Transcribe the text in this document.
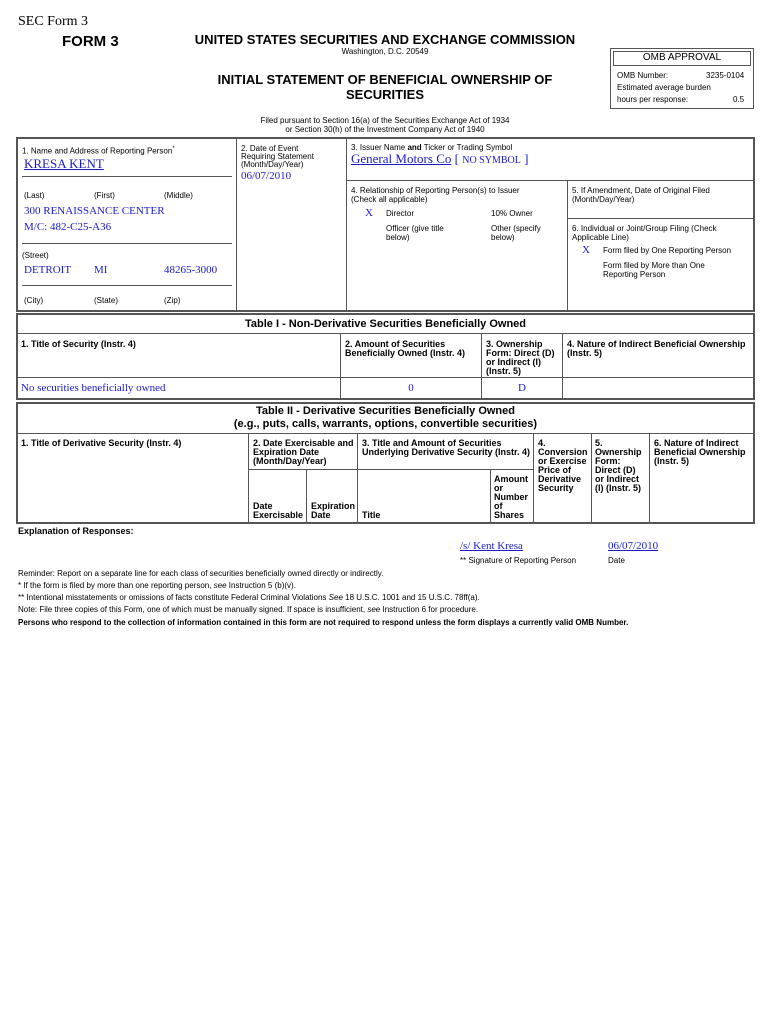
SEC Form 3
FORM 3	UNITED STATES SECURITIES AND EXCHANGE COMMISSION
Washington, D.C. 20549
INITIAL STATEMENT OF BENEFICIAL OWNERSHIP OF
SECURITIES
Filed pursuant to Section 16(a) of the Securities Exchange Act of 1934
or Section 30(h) of the Investment Company Act of 1940
OMB APPROVAL
OMB Number:	3235-0104
Estimated average burden
hours per response:	0.5
1. Name and Address of Reporting Person*
KRESA KENT
(Last)	(First)	(Middle)
300 RENAISSANCE CENTER
M/C: 482-C25-A36
(Street)
DETROIT MI	48265-3000
(City)	(State)	(Zip)
2. Date of Event
Requiring Statement
(Month/Day/Year)
06/07/2010
3. Issuer Name and Ticker or Trading Symbol
General Motors Co [ NO SYMBOL ]
4. Relationship of Reporting Person(s) to Issuer
(Check all applicable)
X Director	10% Owner
Officer (give title
below)
Other (specify
below)
5. If Amendment, Date of Original Filed
(Month/Day/Year)
6. Individual or Joint/Group Filing (Check
Applicable Line)
X Form filed by One Reporting Person
Form filed by More than One
Reporting Person
Table I - Non-Derivative Securities Beneficially Owned
1. Title of Security (Instr. 4)	2. Amount of Securities
Beneficially Owned (Instr. 4)
3. Ownership
Form: Direct (D)
or Indirect (I)
(Instr. 5)
4. Nature of Indirect Beneficial Ownership
(Instr. 5)
No securities beneficially owned	0	D
Table II - Derivative Securities Beneficially Owned
(e.g., puts, calls, warrants, options, convertible securities)
1. Title of Derivative Security (Instr. 4)	2. Date Exercisable and
Expiration Date
(Month/Day/Year)
Date
Exercisable
Expiration
Date
3. Title and Amount of Securities
Underlying Derivative Security (Instr. 4)
Title
Amount
or
Number
of
Shares
4.
Conversion
or Exercise
Price of
Derivative
Security
5.
Ownership
Form:
Direct (D)
or Indirect
(I) (Instr. 5)
6. Nature of Indirect
Beneficial Ownership
(Instr. 5)
Explanation of Responses:
/s/ Kent Kresa	06/07/2010
** Signature of Reporting Person	Date
Reminder: Report on a separate line for each class of securities beneficially owned directly or indirectly.
* If the form is filed by more than one reporting person, see Instruction 5 (b)(v).
** Intentional misstatements or omissions of facts constitute Federal Criminal Violations See 18 U.S.C. 1001 and 15 U.S.C. 78ff(a).
Note: File three copies of this Form, one of which must be manually signed. If space is insufficient, see Instruction 6 for procedure.
Persons who respond to the collection of information contained in this form are not required to respond unless the form displays a currently valid OMB Number.
